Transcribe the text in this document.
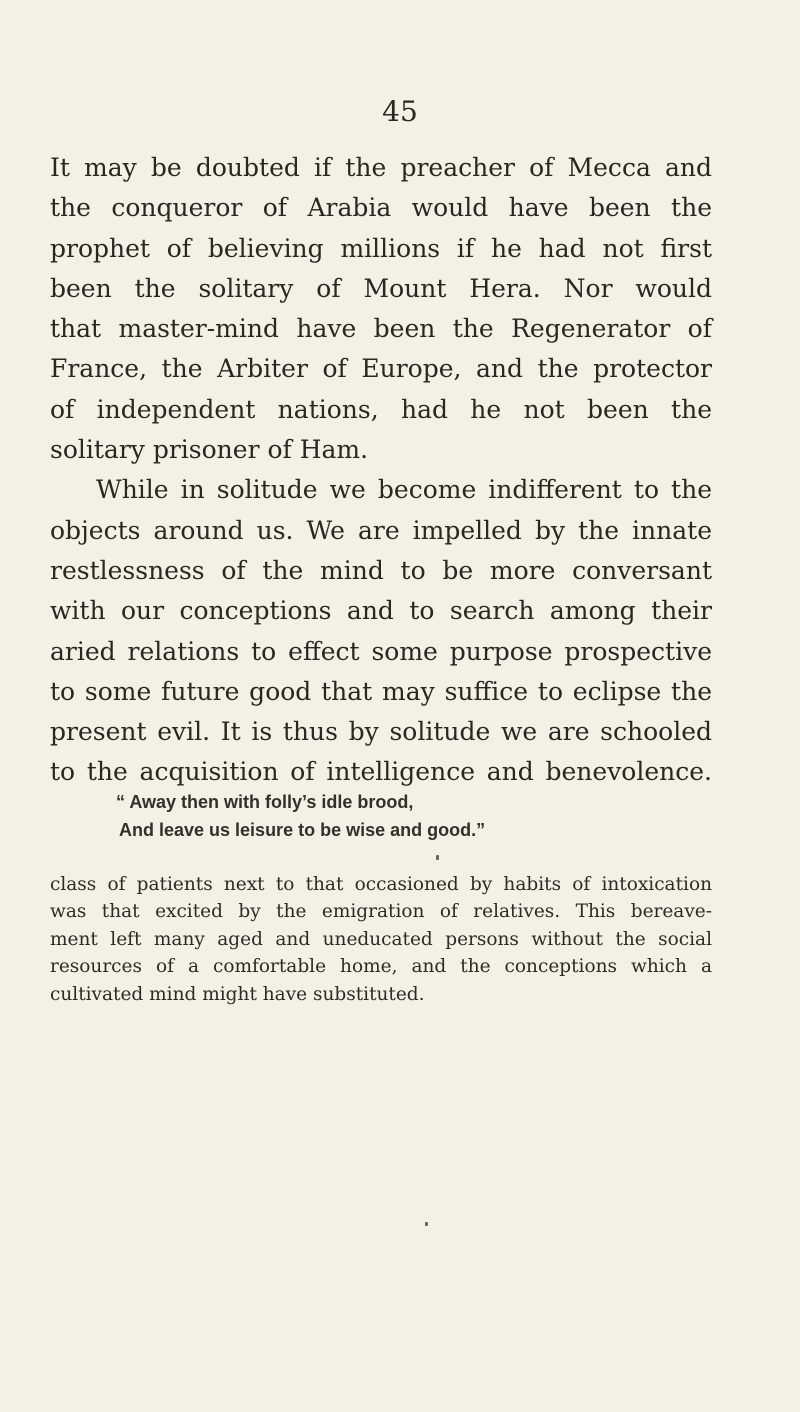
45
It may be doubted if the preacher of Mecca and
the conqueror of Arabia would have been the
prophet of believing millions if he had not first
been the solitary of Mount Hera. Nor would
that master-mind have been the Regenerator of
France, the Arbiter of Europe, and the protector
of independent nations, had he not been the
solitary prisoner of Ham.
While in solitude we become indifferent to the
objects around us. We are impelled by the innate
restlessness of the mind to be more conversant
with our conceptions and to search among their
aried relations to effect some purpose prospective
to some future good that may suffice to eclipse the
present evil. It is thus by solitude we are schooled
to the acquisition of intelligence and benevolence.
“ Away then with folly’s idle brood,
And leave us leisure to be wise and good.”
class of patients next to that occasioned by habits of intoxication
was that excited by the emigration of relatives. This bereave-
ment left many aged and uneducated persons without the social
resources of a comfortable home, and the conceptions which a
cultivated mind might have substituted.
